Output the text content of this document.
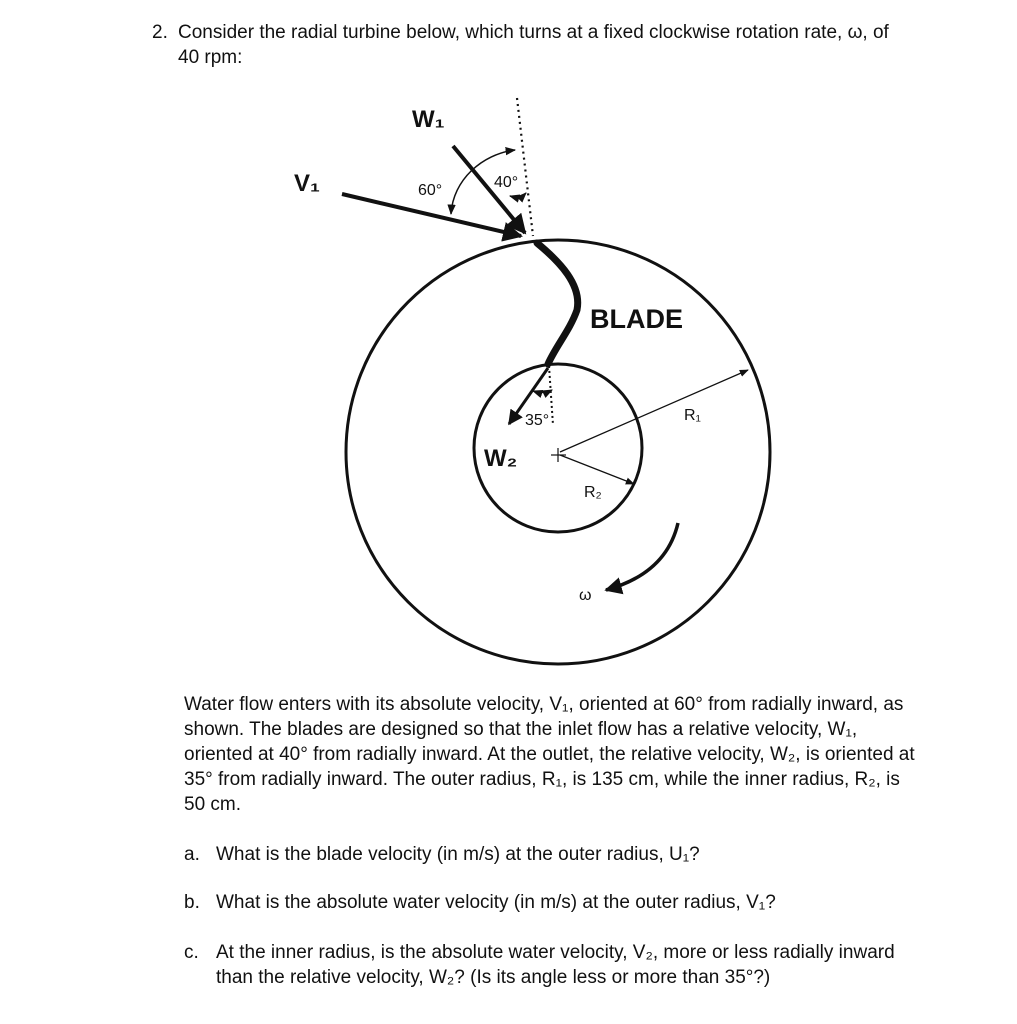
2. Consider the radial turbine below, which turns at a fixed clockwise rotation rate, ω, of 40 rpm:
W₁
V₁	60°	40°
BLADE
R₁
35°
W₂
R₂
ω

Water flow enters with its absolute velocity, V₁, oriented at 60° from radially inward, as shown. The blades are designed so that the inlet flow has a relative velocity, W₁, oriented at 40° from radially inward. At the outlet, the relative velocity, W₂, is oriented at 35° from radially inward. The outer radius, R₁, is 135 cm, while the inner radius, R₂, is 50 cm.

a. What is the blade velocity (in m/s) at the outer radius, U₁?
b. What is the absolute water velocity (in m/s) at the outer radius, V₁?
c. At the inner radius, is the absolute water velocity, V₂, more or less radially inward than the relative velocity, W₂? (Is its angle less or more than 35°?)
